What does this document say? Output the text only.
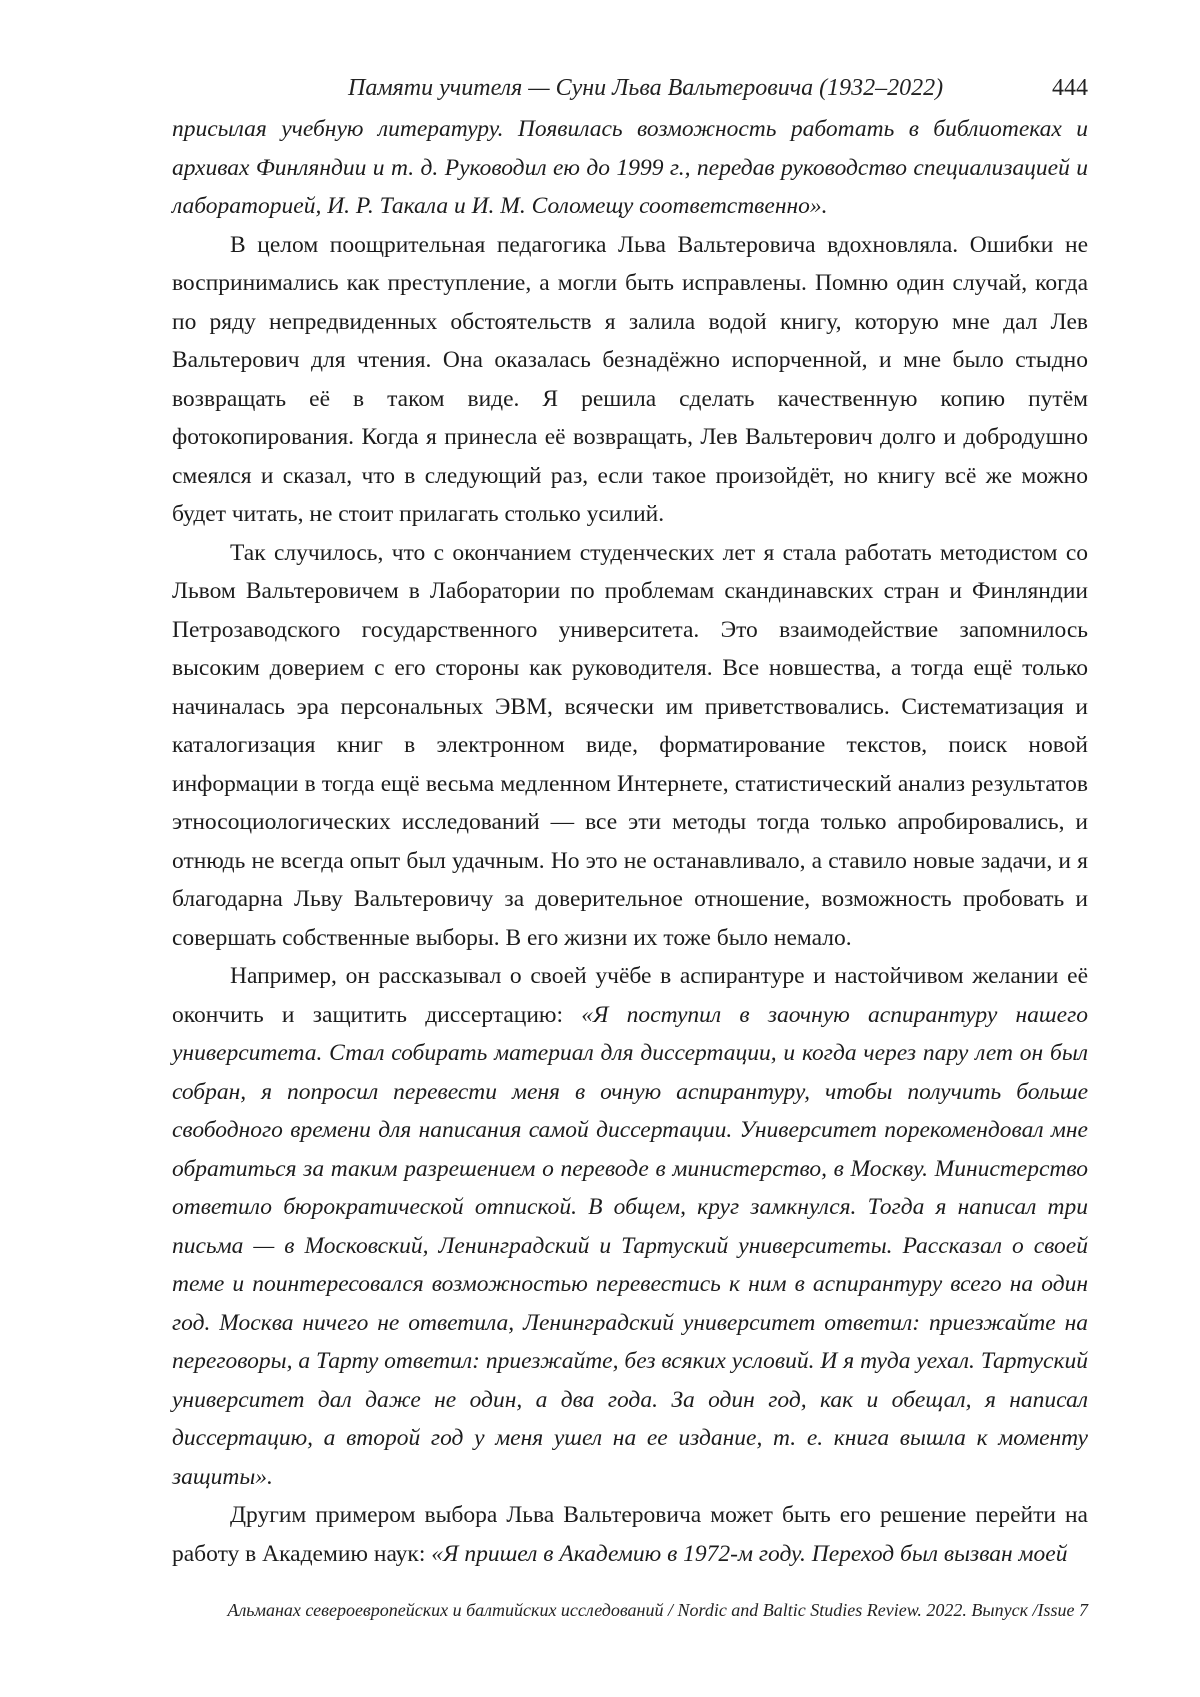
Памяти учителя — Суни Льва Вальтеровича (1932–2022)	444

присылая учебную литературу. Появилась возможность работать в библиотеках и архивах Финляндии и т. д. Руководил ею до 1999 г., передав руководство специализацией и лабораторией, И. Р. Такала и И. М. Соломещу соответственно».

В целом поощрительная педагогика Льва Вальтеровича вдохновляла. Ошибки не воспринимались как преступление, а могли быть исправлены. Помню один случай, когда по ряду непредвиденных обстоятельств я залила водой книгу, которую мне дал Лев Вальтерович для чтения. Она оказалась безнадёжно испорченной, и мне было стыдно возвращать её в таком виде. Я решила сделать качественную копию путём фотокопирования. Когда я принесла её возвращать, Лев Вальтерович долго и добродушно смеялся и сказал, что в следующий раз, если такое произойдёт, но книгу всё же можно будет читать, не стоит прилагать столько усилий.

Так случилось, что с окончанием студенческих лет я стала работать методистом со Львом Вальтеровичем в Лаборатории по проблемам скандинавских стран и Финляндии Петрозаводского государственного университета. Это взаимодействие запомнилось высоким доверием с его стороны как руководителя. Все новшества, а тогда ещё только начиналась эра персональных ЭВМ, всячески им приветствовались. Систематизация и каталогизация книг в электронном виде, форматирование текстов, поиск новой информации в тогда ещё весьма медленном Интернете, статистический анализ результатов этносоциологических исследований — все эти методы тогда только апробировались, и отнюдь не всегда опыт был удачным. Но это не останавливало, а ставило новые задачи, и я благодарна Льву Вальтеровичу за доверительное отношение, возможность пробовать и совершать собственные выборы. В его жизни их тоже было немало.

Например, он рассказывал о своей учёбе в аспирантуре и настойчивом желании её окончить и защитить диссертацию: «Я поступил в заочную аспирантуру нашего университета. Стал собирать материал для диссертации, и когда через пару лет он был собран, я попросил перевести меня в очную аспирантуру, чтобы получить больше свободного времени для написания самой диссертации. Университет порекомендовал мне обратиться за таким разрешением о переводе в министерство, в Москву. Министерство ответило бюрократической отпиской. В общем, круг замкнулся. Тогда я написал три письма — в Московский, Ленинградский и Тартуский университеты. Рассказал о своей теме и поинтересовался возможностью перевестись к ним в аспирантуру всего на один год. Москва ничего не ответила, Ленинградский университет ответил: приезжайте на переговоры, а Тарту ответил: приезжайте, без всяких условий. И я туда уехал. Тартуский университет дал даже не один, а два года. За один год, как и обещал, я написал диссертацию, а второй год у меня ушел на ее издание, т. е. книга вышла к моменту защиты».

Другим примером выбора Льва Вальтеровича может быть его решение перейти на работу в Академию наук: «Я пришел в Академию в 1972-м году. Переход был вызван моей

Альманах североевропейских и балтийских исследований / Nordic and Baltic Studies Review. 2022. Выпуск /Issue 7
